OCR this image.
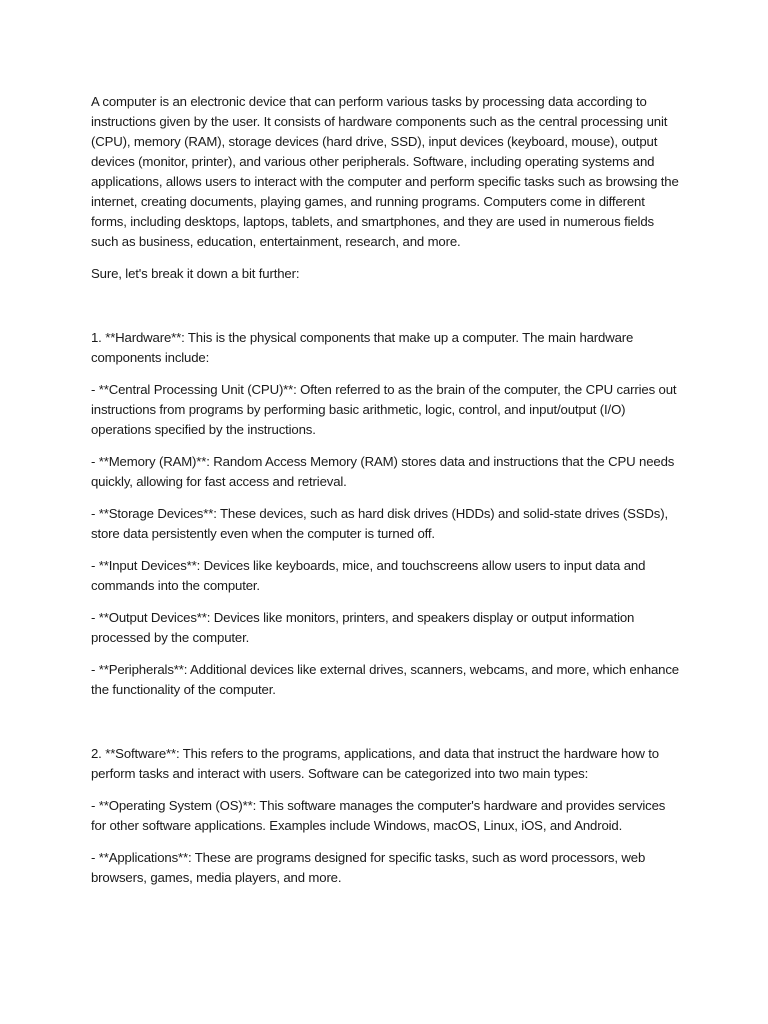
A computer is an electronic device that can perform various tasks by processing data according to instructions given by the user. It consists of hardware components such as the central processing unit (CPU), memory (RAM), storage devices (hard drive, SSD), input devices (keyboard, mouse), output devices (monitor, printer), and various other peripherals. Software, including operating systems and applications, allows users to interact with the computer and perform specific tasks such as browsing the internet, creating documents, playing games, and running programs. Computers come in different forms, including desktops, laptops, tablets, and smartphones, and they are used in numerous fields such as business, education, entertainment, research, and more.

Sure, let's break it down a bit further:

1. **Hardware**: This is the physical components that make up a computer. The main hardware components include:

- **Central Processing Unit (CPU)**: Often referred to as the brain of the computer, the CPU carries out instructions from programs by performing basic arithmetic, logic, control, and input/output (I/O) operations specified by the instructions.

- **Memory (RAM)**: Random Access Memory (RAM) stores data and instructions that the CPU needs quickly, allowing for fast access and retrieval.

- **Storage Devices**: These devices, such as hard disk drives (HDDs) and solid-state drives (SSDs), store data persistently even when the computer is turned off.

- **Input Devices**: Devices like keyboards, mice, and touchscreens allow users to input data and commands into the computer.

- **Output Devices**: Devices like monitors, printers, and speakers display or output information processed by the computer.

- **Peripherals**: Additional devices like external drives, scanners, webcams, and more, which enhance the functionality of the computer.

2. **Software**: This refers to the programs, applications, and data that instruct the hardware how to perform tasks and interact with users. Software can be categorized into two main types:

- **Operating System (OS)**: This software manages the computer's hardware and provides services for other software applications. Examples include Windows, macOS, Linux, iOS, and Android.

- **Applications**: These are programs designed for specific tasks, such as word processors, web browsers, games, media players, and more.
